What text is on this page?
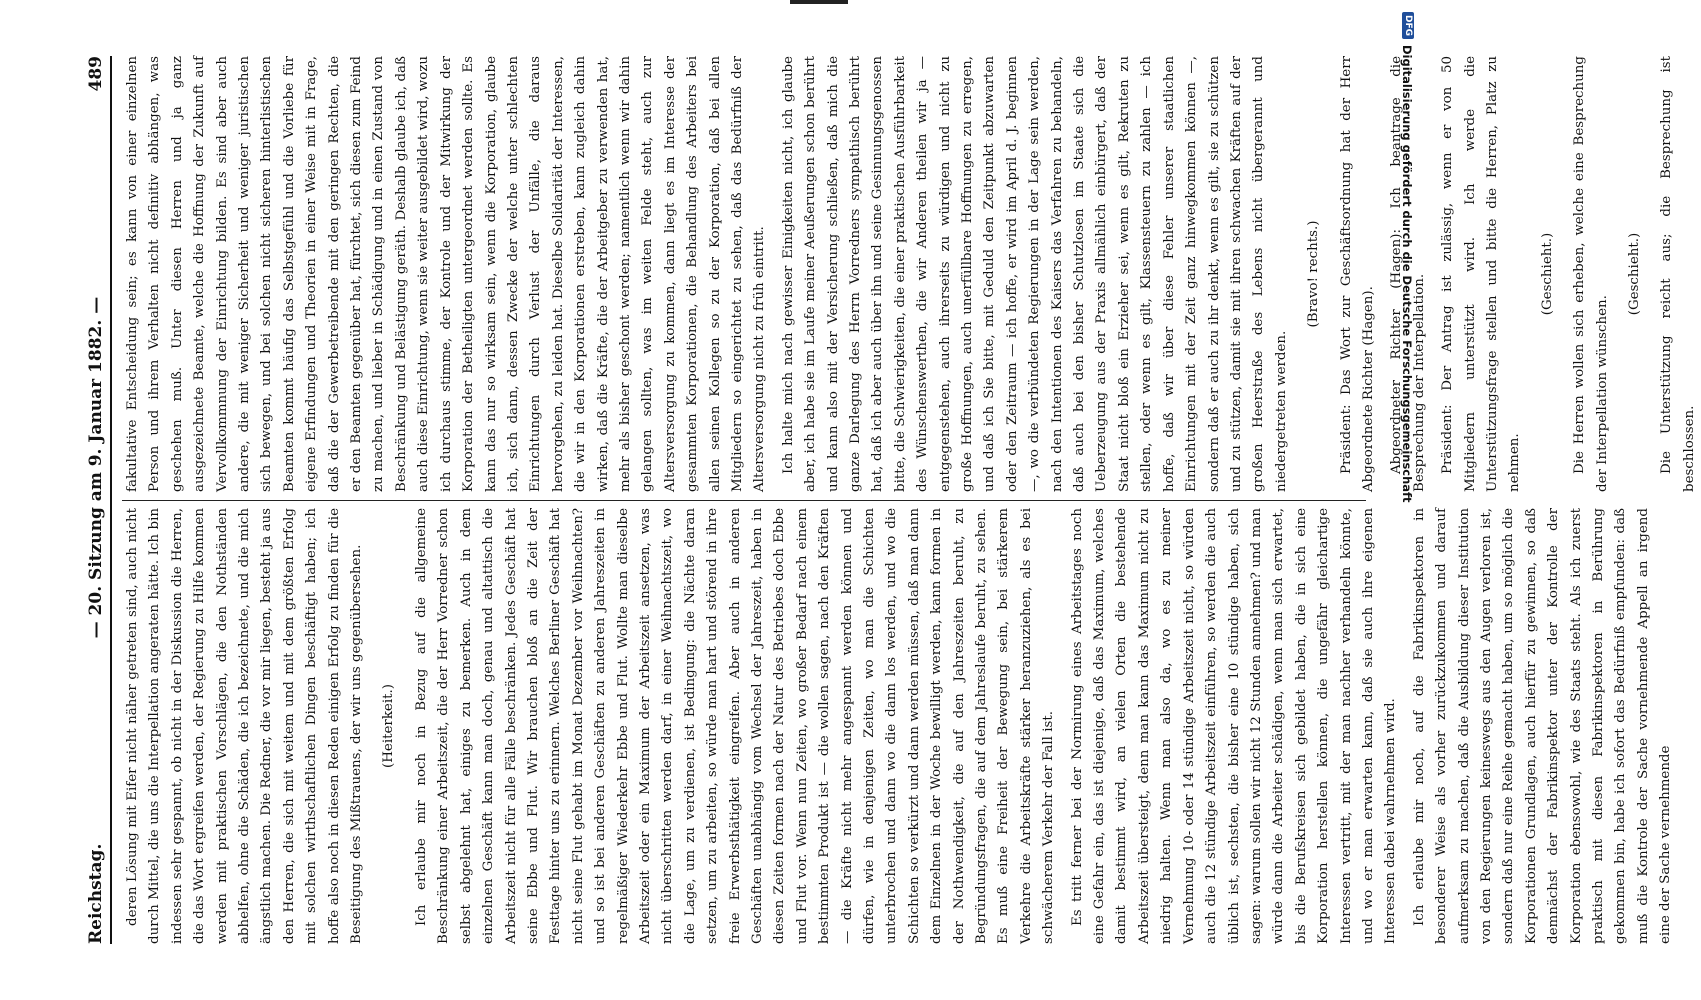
DFG
Digitalisierung gefördert durch die Deutsche Forschungsgemeinschaft
Reichstag.
— 20. Sitzung am 9. Januar 1882. —
489

deren Lösung mit Eifer nicht näher getreten sind, auch nicht durch Mittel, die uns die Interpellation angeraten hätte. Ich bin indessen sehr gespannt, ob nicht in der Diskussion die Herren, die das Wort ergreifen werden, der Regierung zu Hilfe kommen werden mit praktischen Vorschlägen, die den Nothständen abhelfen, ohne die Schäden, die ich bezeichnete, und die mich ängstlich machen. Die Redner, die vor mir liegen, besteht ja aus den Herren, die sich mit weitem und mit dem größten Erfolg mit solchen wirthschaftlichen Dingen beschäftigt haben; ich hoffe also noch in diesen Reden einigen Erfolg zu finden für die Beseitigung des Mißtrauens, der wir uns gegenübersehen.	(Heiterkeit.)	Ich erlaube mir noch in Bezug auf die allgemeine Beschränkung einer Arbeitszeit, die der Herr Vorredner schon selbst abgelehnt hat, einiges zu bemerken. Auch in dem einzelnen Geschäft kann man doch, genau und altattisch die Arbeitszeit nicht für alle Fälle beschränken. Jedes Geschäft hat seine Ebbe und Flut. Wir brauchen bloß an die Zeit der Festtage hinter uns zu erinnern. Welches Berliner Geschäft hat nicht seine Flut gehabt im Monat Dezember vor Weihnachten? und so ist bei anderen Geschäften zu anderen Jahreszeiten in regelmäßiger Wiederkehr Ebbe und Flut. Wollte man dieselbe Arbeitszeit oder ein Maximum der Arbeitszeit ansetzen, was nicht überschritten werden darf, in einer Weihnachtszeit, wo die Lage, um zu verdienen, ist Bedingung: die Nächte daran setzen, um zu arbeiten, so würde man hart und störend in ihre freie Erwerbsthätigkeit eingreifen. Aber auch in anderen Geschäften unabhängig vom Wechsel der Jahreszeit, haben in diesen Zeiten formen nach der Natur des Betriebes doch Ebbe und Flut vor. Wenn nun Zeiten, wo großer Bedarf nach einem bestimmten Produkt ist — die wollen sagen, nach den Kräften — die Kräfte nicht mehr angespannt werden können und dürfen, wie in denjenigen Zeiten, wo man die Schichten unterbrochen und dann wo die dann los werden, und wo die Schichten so verkürzt und dann werden müssen, daß man dann dem Einzelnen in der Woche bewilligt werden, kann formen in der Nothwendigkeit, die auf den Jahreszeiten beruht, zu Begründungsfragen, die auf dem Jahreslaufe beruht, zu sehen. Es muß eine Freiheit der Bewegung sein, bei stärkerem Verkehre die Arbeitskräfte stärker heranzuziehen, als es bei schwächerem Verkehr der Fall ist.	Es tritt ferner bei der Normirung eines Arbeitstages noch eine Gefahr ein, das ist diejenige, daß das Maximum, welches damit bestimmt wird, an vielen Orten die bestehende Arbeitszeit übersteigt, denn man kann das Maximum nicht zu niedrig halten. Wenn man also da, wo es zu meiner Vernehmung 10- oder 14 stündige Arbeitszeit nicht, so würden auch die 12 stündige Arbeitszeit einführen, so werden die auch üblich ist, sechsten, die bisher eine 10 stündige haben, sich sagen: warum sollen wir nicht 12 Stunden annehmen? und man würde dann die Arbeiter schädigen, wenn man sich erwartet, bis die Berufskreisen sich gebildet haben, die in sich eine Korporation herstellen können, die ungefähr gleichartige Interessen vertritt, mit der man nachher verhandeln könnte, und wo er man erwarten kann, daß sie auch ihre eigenen Interessen dabei wahrnehmen wird.	Ich erlaube mir noch, auf die Fabrikinspektoren in besonderer Weise als vorher zurückzukommen und darauf aufmerksam zu machen, daß die Ausbildung dieser Institution von den Regierungen keineswegs aus den Augen verloren ist, sondern daß nur eine Reihe gemacht haben, um so möglich die Korporationen Grundlagen, auch hierfür zu gewinnen, so daß demnächst der Fabrikinspektor unter der Kontrolle der Korporation ebensowohl, wie des Staats steht. Als ich zuerst praktisch mit diesen Fabrikinspektoren in Berührung gekommen bin, habe ich sofort das Bedürfniß empfunden: daß muß die Kontrole der Sache vornehmende Appell an irgend eine der Sache vernehmende

fakultative Entscheidung sein; es kann von einer einzelnen Person und ihrem Verhalten nicht definitiv abhängen, was geschehen muß. Unter diesen Herren und ja ganz ausgezeichnete Beamte, welche die Hoffnung der Zukunft auf Vervollkommnung der Einrichtung bilden. Es sind aber auch andere, die mit weniger Sicherheit und weniger juristischen sich bewegen, und bei solchen nicht sicheren hinterlistischen Beamten kommt häufig das Selbstgefühl und die Vorliebe für eigene Erfindungen und Theorien in einer Weise mit in Frage, daß die der Gewerbetreibende mit den geringen Rechten, die er den Beamten gegenüber hat, fürchtet, sich diesen zum Feind zu machen, und lieber in Schädigung und in einen Zustand von Beschränkung und Belästigung geräth. Deshalb glaube ich, daß auch diese Einrichtung, wenn sie weiter ausgebildet wird, wozu ich durchaus stimme, der Kontrole und der Mitwirkung der Korporation der Betheiligten untergeordnet werden sollte. Es kann das nur so wirksam sein, wenn die Korporation, glaube ich, sich dann, dessen Zwecke der welche unter schlechten Einrichtungen durch Verlust der Unfälle, die daraus hervorgehen, zu leiden hat. Dieselbe Solidarität der Interessen, die wir in den Korporationen erstreben, kann zugleich dahin wirken, daß die Kräfte, die der Arbeitgeber zu verwenden hat, mehr als bisher geschont werden; namentlich wenn wir dahin gelangen sollten, was im weiten Felde steht, auch zur Altersversorgung zu kommen, dann liegt es im Interesse der gesammten Korporationen, die Behandlung des Arbeiters bei allen seinen Kollegen so zu der Korporation, daß bei allen Mitgliedern so eingerichtet zu sehen, daß das Bedürfniß der Altersversorgung nicht zu früh eintritt.	Ich halte mich nach gewisser Einigkeiten nicht, ich glaube aber, ich habe sie im Laufe meiner Aeußerungen schon berührt und kann also mit der Versicherung schließen, daß mich die ganze Darlegung des Herrn Vorredners sympathisch berührt hat, daß ich aber auch über ihn und seine Gesinnungsgenossen bitte, die Schwierigkeiten, die einer praktischen Ausführbarkeit des Wünschenswerthen, die wir Anderen theilen wir ja — entgegenstehen, auch ihrerseits zu würdigen und nicht zu große Hoffnungen, auch unerfüllbare Hoffnungen zu erregen, und daß ich Sie bitte, mit Geduld den Zeitpunkt abzuwarten oder den Zeitraum — ich hoffe, er wird im April d. J. beginnen —, wo die verbündeten Regierungen in der Lage sein werden, nach den Intentionen des Kaisers das Verfahren zu behandeln, daß auch bei den bisher Schutzlosen im Staate sich die Ueberzeugung aus der Praxis allmählich einbürgert, daß der Staat nicht bloß ein Erzieher sei, wenn es gilt, Rekruten zu stellen, oder wenn es gilt, Klassensteuern zu zahlen — ich hoffe, daß wir über diese Fehler unserer staatlichen Einrichtungen mit der Zeit ganz hinwegkommen können —, sondern daß er auch zu ihr denkt, wenn es gilt, sie zu schützen und zu stützen, damit sie mit ihren schwachen Kräften auf der großen Heerstraße des Lebens nicht übergerannt und niedergetreten werden.

(Bravo! rechts.)	Präsident: Das Wort zur Geschäftsordnung hat der Herr Abgeordnete Richter (Hagen).	Abgeordneter Richter (Hagen): Ich beantrage die Besprechung der Interpellation.	Präsident: Der Antrag ist zulässig, wenn er von 50 Mitgliedern unterstützt wird. Ich werde die Unterstützungsfrage stellen und bitte die Herren, Platz zu nehmen.

(Geschieht.)	Die Herren wollen sich erheben, welche eine Besprechung der Interpellation wünschen.

(Geschieht.)	Die Unterstützung reicht aus; die Besprechung ist beschlossen.
